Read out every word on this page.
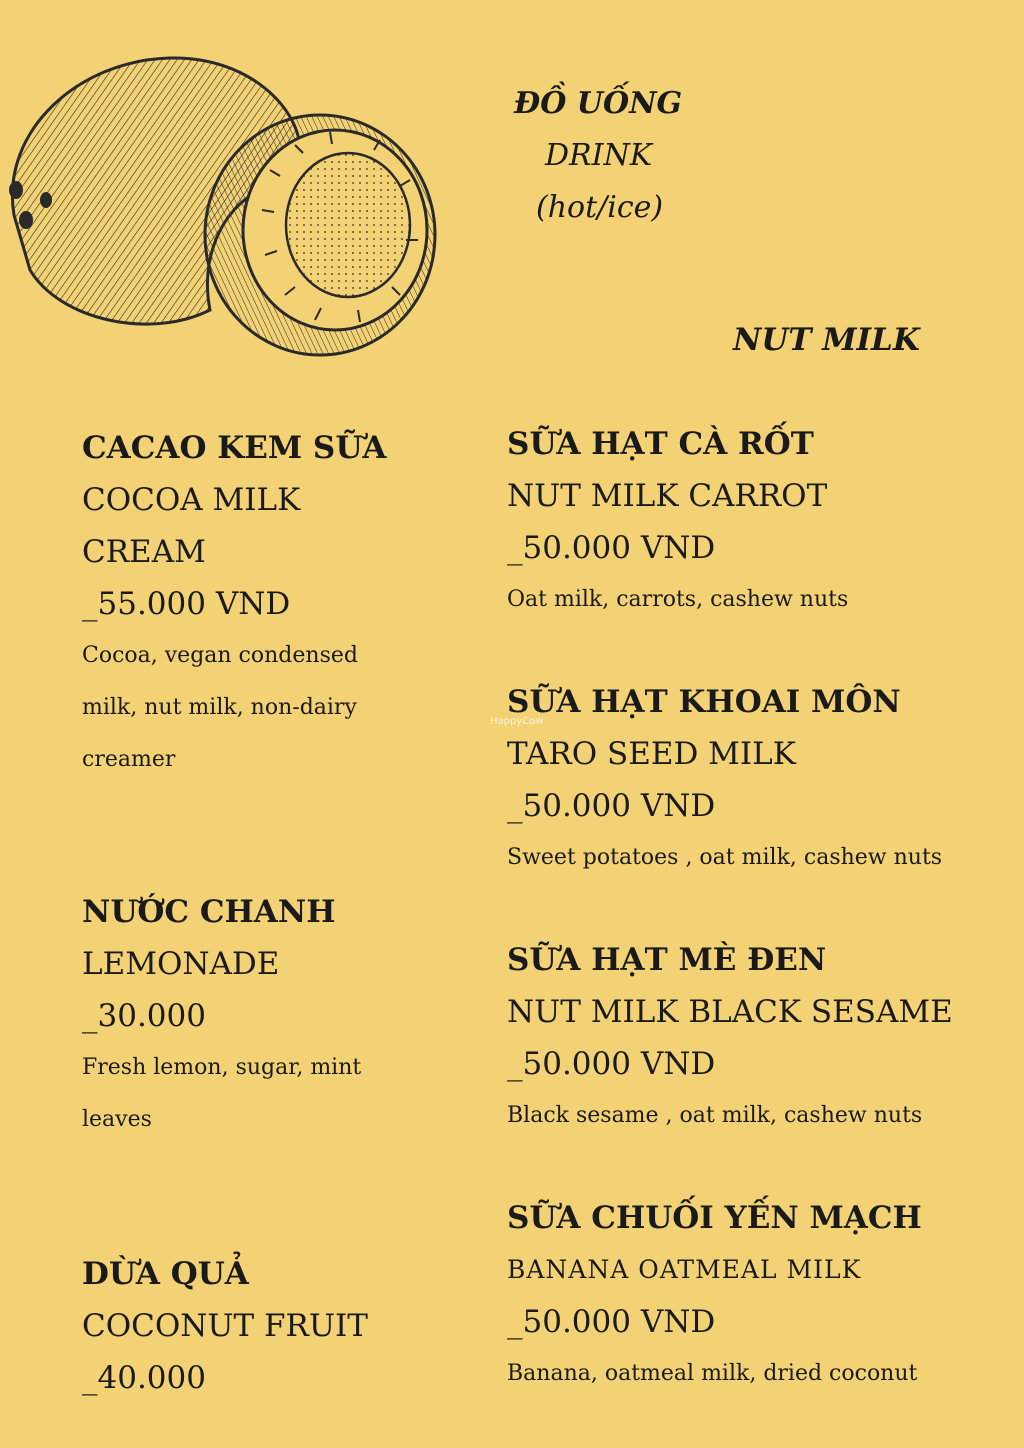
ĐỒ UỐNG
DRINK
(hot/ice)
NUT MILK
CACAO KEM SỮA
COCOA MILK
CREAM
_55.000 VND
Cocoa, vegan condensed
milk, nut milk, non-dairy
creamer
NƯỚC CHANH
LEMONADE
_30.000
Fresh lemon, sugar, mint
leaves
DỪA QUẢ
COCONUT FRUIT
_40.000
SỮA HẠT CÀ RỐT
NUT MILK CARROT
_50.000 VND
Oat milk, carrots, cashew nuts
SỮA HẠT KHOAI MÔN
TARO SEED MILK
_50.000 VND
Sweet potatoes , oat milk, cashew nuts
SỮA HẠT MÈ ĐEN
NUT MILK BLACK SESAME
_50.000 VND
Black sesame , oat milk, cashew nuts
SỮA CHUỐI YẾN MẠCH
BANANA OATMEAL MILK
_50.000 VND
Banana, oatmeal milk, dried coconut
HappyCow
